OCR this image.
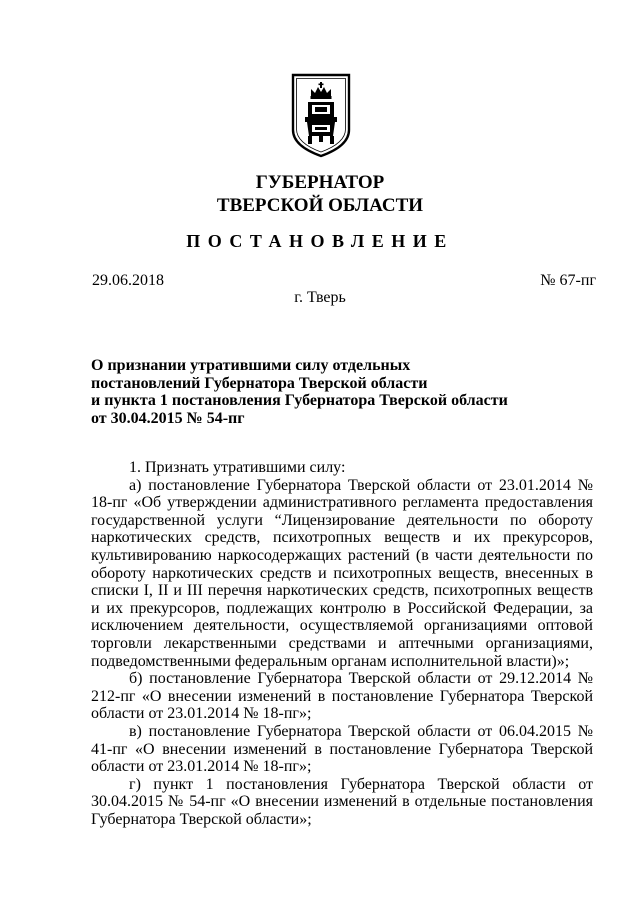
ГУБЕРНАТОР
ТВЕРСКОЙ ОБЛАСТИ
ПОСТАНОВЛЕНИЕ
29.06.2018	№ 67-пг
г. Тверь
О признании утратившими силу отдельных
постановлений Губернатора Тверской области
и пункта 1 постановления Губернатора Тверской области
от 30.04.2015 № 54-пг

1. Признать утратившими силу:

а) постановление Губернатора Тверской области от 23.01.2014 № 18-пг «Об утверждении административного регламента предоставления государственной услуги “Лицензирование деятельности по обороту наркотических средств, психотропных веществ и их прекурсоров, культивированию наркосодержащих растений (в части деятельности по обороту наркотических средств и психотропных веществ, внесенных в списки I, II и III перечня наркотических средств, психотропных веществ и их прекурсоров, подлежащих контролю в Российской Федерации, за исключением деятельности, осуществляемой организациями оптовой торговли лекарственными средствами и аптечными организациями, подведомственными федеральным органам исполнительной власти)»;

б) постановление Губернатора Тверской области от 29.12.2014 № 212-пг «О внесении изменений в постановление Губернатора Тверской области от 23.01.2014 № 18-пг»;

в) постановление Губернатора Тверской области от 06.04.2015 № 41-пг «О внесении изменений в постановление Губернатора Тверской области от 23.01.2014 № 18-пг»;

г) пункт 1 постановления Губернатора Тверской области от 30.04.2015 № 54-пг «О внесении изменений в отдельные постановления Губернатора Тверской области»;
